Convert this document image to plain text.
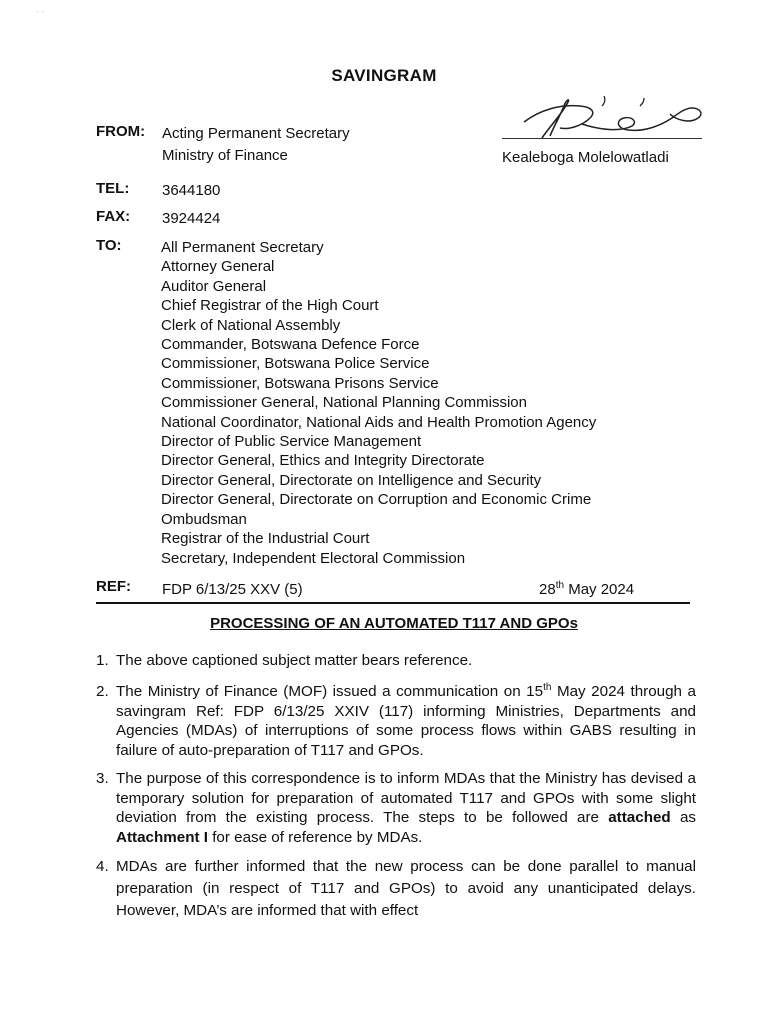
· ·
SAVINGRAM
FROM: Acting Permanent Secretary
Ministry of Finance	Kealeboga Molelowatladi
TEL: 3644180
FAX: 3924424
TO:	All Permanent Secretary
Attorney General
Auditor General
Chief Registrar of the High Court
Clerk of National Assembly
Commander, Botswana Defence Force
Commissioner, Botswana Police Service
Commissioner, Botswana Prisons Service
Commissioner General, National Planning Commission
National Coordinator, National Aids and Health Promotion Agency
Director of Public Service Management
Director General, Ethics and Integrity Directorate
Director General, Directorate on Intelligence and Security
Director General, Directorate on Corruption and Economic Crime
Ombudsman
Registrar of the Industrial Court
Secretary, Independent Electoral Commission
REF: FDP 6/13/25 XXV (5)	28th May 2024
PROCESSING OF AN AUTOMATED T117 AND GPOs
1. The above captioned subject matter bears reference.
2. The Ministry of Finance (MOF) issued a communication on 15th May 2024 through a savingram Ref: FDP 6/13/25 XXIV (117) informing Ministries, Departments and Agencies (MDAs) of interruptions of some process flows within GABS resulting in failure of auto-preparation of T117 and GPOs.
3. The purpose of this correspondence is to inform MDAs that the Ministry has devised a temporary solution for preparation of automated T117 and GPOs with some slight deviation from the existing process. The steps to be followed are attached as Attachment I for ease of reference by MDAs.
4. MDAs are further informed that the new process can be done parallel to manual preparation (in respect of T117 and GPOs) to avoid any unanticipated delays. However, MDA’s are informed that with effect
